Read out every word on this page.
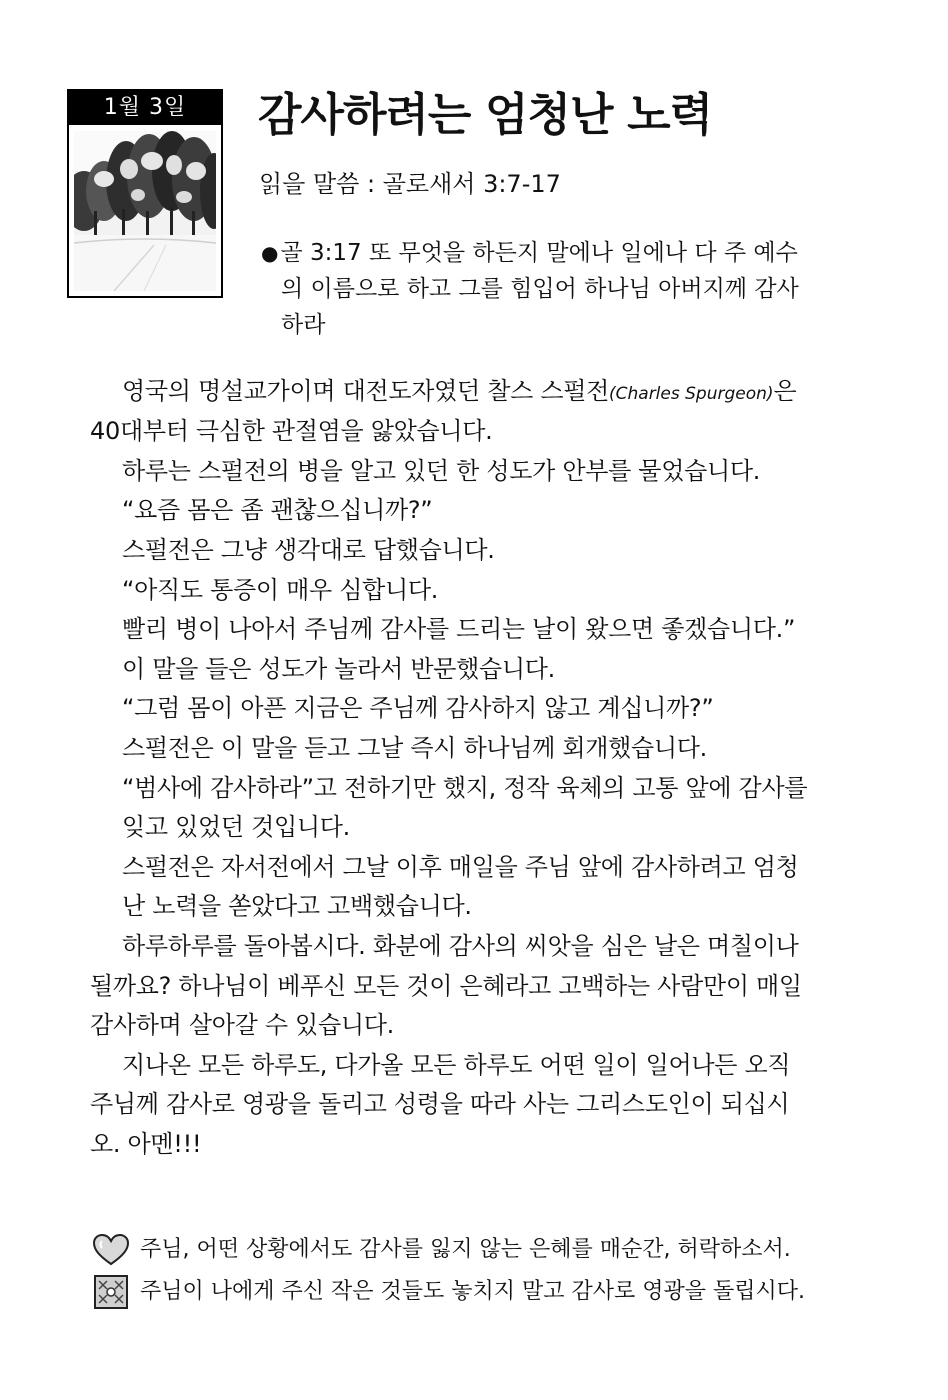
1월 3일	감사하려는 엄청난 노력
읽을 말씀 : 골로새서 3:7-17
●골 3:17 또 무엇을 하든지 말에나 일에나 다 주 예수
의 이름으로 하고 그를 힘입어 하나님 아버지께 감사
하라
영국의 명설교가이며 대전도자였던 찰스 스펄전(Charles Spurgeon)은
40대부터 극심한 관절염을 앓았습니다.
하루는 스펄전의 병을 알고 있던 한 성도가 안부를 물었습니다.
“요즘 몸은 좀 괜찮으십니까?”
스펄전은 그냥 생각대로 답했습니다.
“아직도 통증이 매우 심합니다.
빨리 병이 나아서 주님께 감사를 드리는 날이 왔으면 좋겠습니다.”
이 말을 들은 성도가 놀라서 반문했습니다.
“그럼 몸이 아픈 지금은 주님께 감사하지 않고 계십니까?”
스펄전은 이 말을 듣고 그날 즉시 하나님께 회개했습니다.
“범사에 감사하라”고 전하기만 했지, 정작 육체의 고통 앞에 감사를
잊고 있었던 것입니다.
스펄전은 자서전에서 그날 이후 매일을 주님 앞에 감사하려고 엄청
난 노력을 쏟았다고 고백했습니다.
하루하루를 돌아봅시다. 화분에 감사의 씨앗을 심은 날은 며칠이나
될까요? 하나님이 베푸신 모든 것이 은혜라고 고백하는 사람만이 매일
감사하며 살아갈 수 있습니다.
지나온 모든 하루도, 다가올 모든 하루도 어떤 일이 일어나든 오직
주님께 감사로 영광을 돌리고 성령을 따라 사는 그리스도인이 되십시
오. 아멘!!!
주님, 어떤 상황에서도 감사를 잃지 않는 은혜를 매순간, 허락하소서.
주님이 나에게 주신 작은 것들도 놓치지 말고 감사로 영광을 돌립시다.
